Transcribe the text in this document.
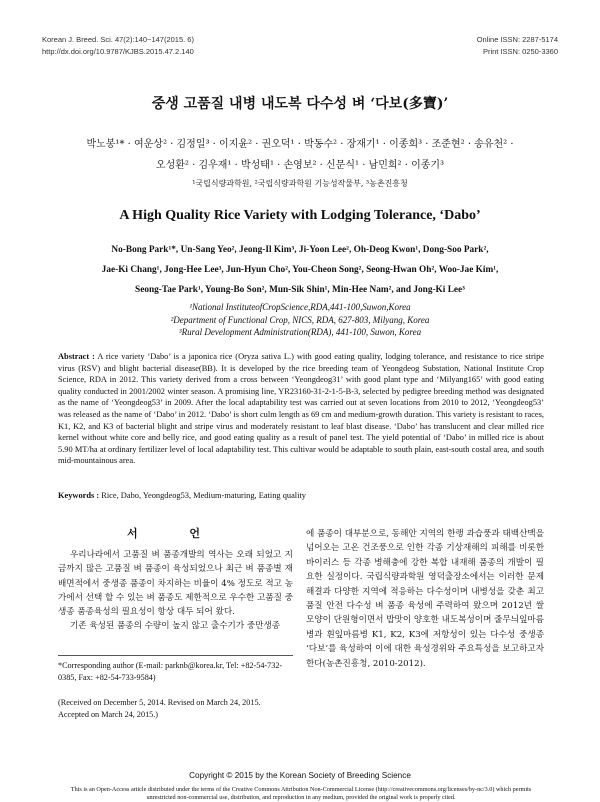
Korean J. Breed. Sci. 47(2):140~147(2015. 6)
http://dx.doi.org/10.9787/KJBS.2015.47.2.140
Online ISSN: 2287-5174
Print ISSN: 0250-3360
중생 고품질 내병 내도복 다수성 벼 ‘다보(多寶)’
박노봉¹* · 여운상² · 김정일³ · 이지윤² · 권오덕¹ · 박동수² · 장재기¹ · 이종희³ · 조준현² · 송유천² ·
오성환² · 김우재¹ · 박성태¹ · 손영보² · 신문식¹ · 남민희² · 이종기³
¹국립식량과학원, ²국립식량과학원 기능성작물부, ³농촌진흥청
A High Quality Rice Variety with Lodging Tolerance, ‘Dabo’
No-Bong Park¹*, Un-Sang Yeo², Jeong-Il Kim³, Ji-Yoon Lee², Oh-Deog Kwon¹, Dong-Soo Park²,
Jae-Ki Chang¹, Jong-Hee Lee³, Jun-Hyun Cho², You-Cheon Song², Seong-Hwan Oh², Woo-Jae Kim¹,
Seong-Tae Park¹, Young-Bo Son², Mun-Sik Shin¹, Min-Hee Nam², and Jong-Ki Lee³
¹National InstituteofCropScience,RDA,441-100,Suwon,Korea
²Department of Functional Crop, NICS, RDA, 627-803, Milyang, Korea
³Rural Development Administration(RDA), 441-100, Suwon, Korea
Abstract : A rice variety ‘Dabo’ is a japonica rice (Oryza sativa L.) with good eating quality, lodging tolerance, and resistance to rice stripe virus (RSV) and blight bacterial disease(BB). It is developed by the rice breeding team of Yeongdeog Substation, National Institute Crop Science, RDA in 2012. This variety derived from a cross between ‘Yeongdeog31’ with good plant type and ‘Milyang165’ with good eating quality conducted in 2001/2002 winter season. A promising line, YR23160-31-2-1-5-B-3, selected by pedigree breeding method was designated as the name of ‘Yeongdeog53’ in 2009. After the local adaptability test was carried out at seven locations from 2010 to 2012, ‘Yeongdeog53’ was released as the name of ‘Dabo’ in 2012. ‘Dabo’ is short culm length as 69 cm and medium-growth duration. This variety is resistant to races, K1, K2, and K3 of bacterial blight and stripe virus and moderately resistant to leaf blast disease. ‘Dabo’ has translucent and clear milled rice kernel without white core and belly rice, and good eating quality as a result of panel test. The yield potential of ‘Dabo’ in milled rice is about 5.90 MT/ha at ordinary fertilizer level of local adaptability test. This cultivar would be adaptable to south plain, east-south costal area, and south mid-mountainous area.
Keywords : Rice, Dabo, Yeongdeog53, Medium-maturing, Eating quality
서 언

우리나라에서 고품질 벼 품종개발의 역사는 오래 되었고 지금까지 많은 고품질 벼 품종이 육성되었으나 최근 벼 품종별 재배면적에서 중생종 품종이 차지하는 비율이 4% 정도로 적고 농가에서 선택 할 수 있는 벼 품종도 제한적으로 우수한 고품질 중생종 품종육성의 필요성이 항상 대두 되어 왔다.

기존 육성된 품종의 수량이 높지 않고 출수기가 중만생종

에 품종이 대부분으로, 동해안 지역의 한랭 과습풍과 태백산맥을 넘어오는 고온 건조풍으로 인한 각종 기상재해의 피해를 비롯한 바이러스 등 각종 병해충에 강한 복합 내재해 품종의 개발이 필요한 실정이다. 국립식량과학원 영덕출장소에서는 이러한 문제해결과 다양한 지역에 적응하는 다수성이며 내병성을 갖춘 최고품질 안전 다수성 벼 품종 육성에 주력하여 왔으며 2012년 쌀 모양이 단원형이면서 밥맛이 양호한 내도복성이며 줄무늬잎마름병과 흰잎마름병 K1, K2, K3에 저항성이 있는 다수성 중생종 ‘다보’를 육성하여 이에 대한 육성경위와 주요특성을 보고하고자 한다(농촌진흥청, 2010-2012).

*Corresponding author (E-mail: parknb@korea.kr, Tel: +82-54-732-0385, Fax: +82-54-733-9584)
(Received on December 5, 2014. Revised on March 24, 2015. Accepted on March 24, 2015.)
Copyright © 2015 by the Korean Society of Breeding Science
This is an Open-Access article distributed under the terms of the Creative Commons Attribution Non-Commercial License (http://creativecommons.org/licenses/by-nc/3.0) which permits unrestricted non-commercial use, distribution, and reproduction in any medium, provided the original work is properly cited.
